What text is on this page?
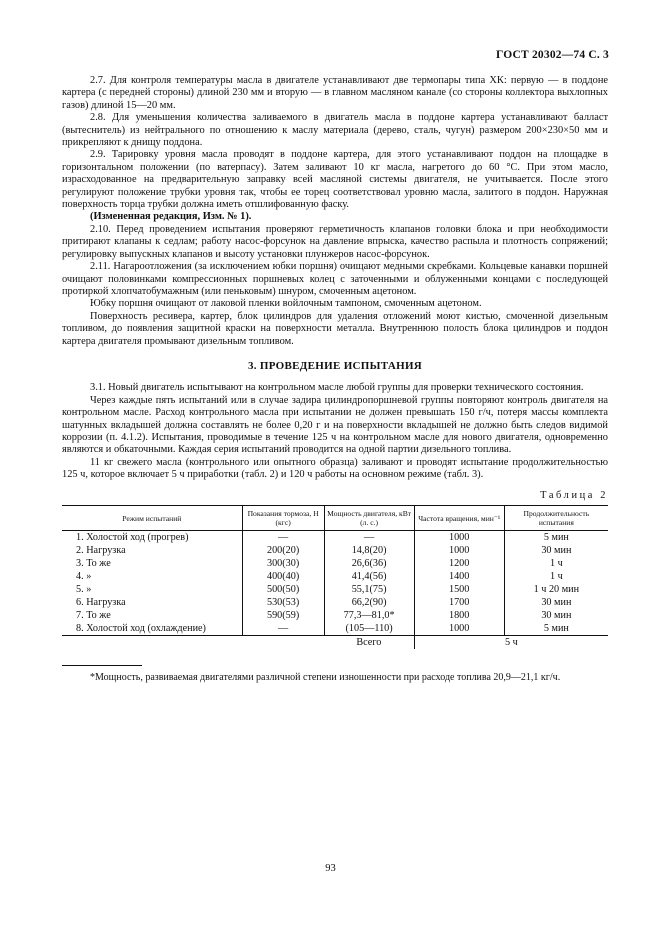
ГОСТ 20302—74 С. 3

2.7. Для контроля температуры масла в двигателе устанавливают две термопары типа ХК: первую — в поддоне картера (с передней стороны) длиной 230 мм и вторую — в главном масляном канале (со стороны коллектора выхлопных газов) длиной 15—20 мм.

2.8. Для уменьшения количества заливаемого в двигатель масла в поддоне картера устанавливают балласт (вытеснитель) из нейтрального по отношению к маслу материала (дерево, сталь, чугун) размером 200×230×50 мм и прикрепляют к днищу поддона.

2.9. Тарировку уровня масла проводят в поддоне картера, для этого устанавливают поддон на площадке в горизонтальном положении (по ватерпасу). Затем заливают 10 кг масла, нагретого до 60 °С. При этом масло, израсходованное на предварительную заправку всей масляной системы двигателя, не учитывается. После этого регулируют положение трубки уровня так, чтобы ее торец соответствовал уровню масла, залитого в поддон. Наружная поверхность торца трубки должна иметь отшлифованную фаску.

(Измененная редакция, Изм. № 1).

2.10. Перед проведением испытания проверяют герметичность клапанов головки блока и при необходимости притирают клапаны к седлам; работу насос-форсунок на давление впрыска, качество распыла и плотность сопряжений; регулировку выпускных клапанов и высоту установки плунжеров насос-форсунок.

2.11. Нагароотложения (за исключением юбки поршня) очищают медными скребками. Кольцевые канавки поршней очищают половинками компрессионных поршневых колец с заточенными и облуженными концами с последующей протиркой хлопчатобумажным (или пеньковым) шнуром, смоченным ацетоном.

Юбку поршня очищают от лаковой пленки войлочным тампоном, смоченным ацетоном.

Поверхность ресивера, картер, блок цилиндров для удаления отложений моют кистью, смоченной дизельным топливом, до появления защитной краски на поверхности металла. Внутреннюю полость блока цилиндров и поддон картера двигателя промывают дизельным топливом.

3. ПРОВЕДЕНИЕ ИСПЫТАНИЯ

3.1. Новый двигатель испытывают на контрольном масле любой группы для проверки технического состояния.

Через каждые пять испытаний или в случае задира цилиндропоршневой группы повторяют контроль двигателя на контрольном масле. Расход контрольного масла при испытании не должен превышать 150 г/ч, потеря массы комплекта шатунных вкладышей должна составлять не более 0,20 г и на поверхности вкладышей не должно быть следов видимой коррозии (п. 4.1.2). Испытания, проводимые в течение 125 ч на контрольном масле для нового двигателя, одновременно являются и обкаточными. Каждая серия испытаний проводится на одной партии дизельного топлива.

11 кг свежего масла (контрольного или опытного образца) заливают и проводят испытание продолжительностью 125 ч, которое включает 5 ч приработки (табл. 2) и 120 ч работы на основном режиме (табл. 3).

Таблица 2
Режим испытаний	Показания тормоза, Н (кгс)	Мощность двигателя, кВт (л. с.)	Частота вращения, мин⁻¹	Продолжительность испытания
1. Холостой ход (прогрев)	—	—	1000	5 мин
2. Нагрузка	200(20)	14,8(20)	1000	30 мин
3. То же	300(30)	26,6(36)	1200	1 ч
4. »	400(40)	41,4(56)	1400	1 ч
5. »	500(50)	55,1(75)	1500	1 ч 20 мин
6. Нагрузка	530(53)	66,2(90)	1700	30 мин
7. То же	590(59)	77,3—81,0*	1800	30 мин
8. Холостой ход (охлаждение)	—	(105—110)	1000	5 мин
		Всего	5 ч	

*Мощность, развиваемая двигателями различной степени изношенности при расходе топлива 20,9—21,1 кг/ч.

93
